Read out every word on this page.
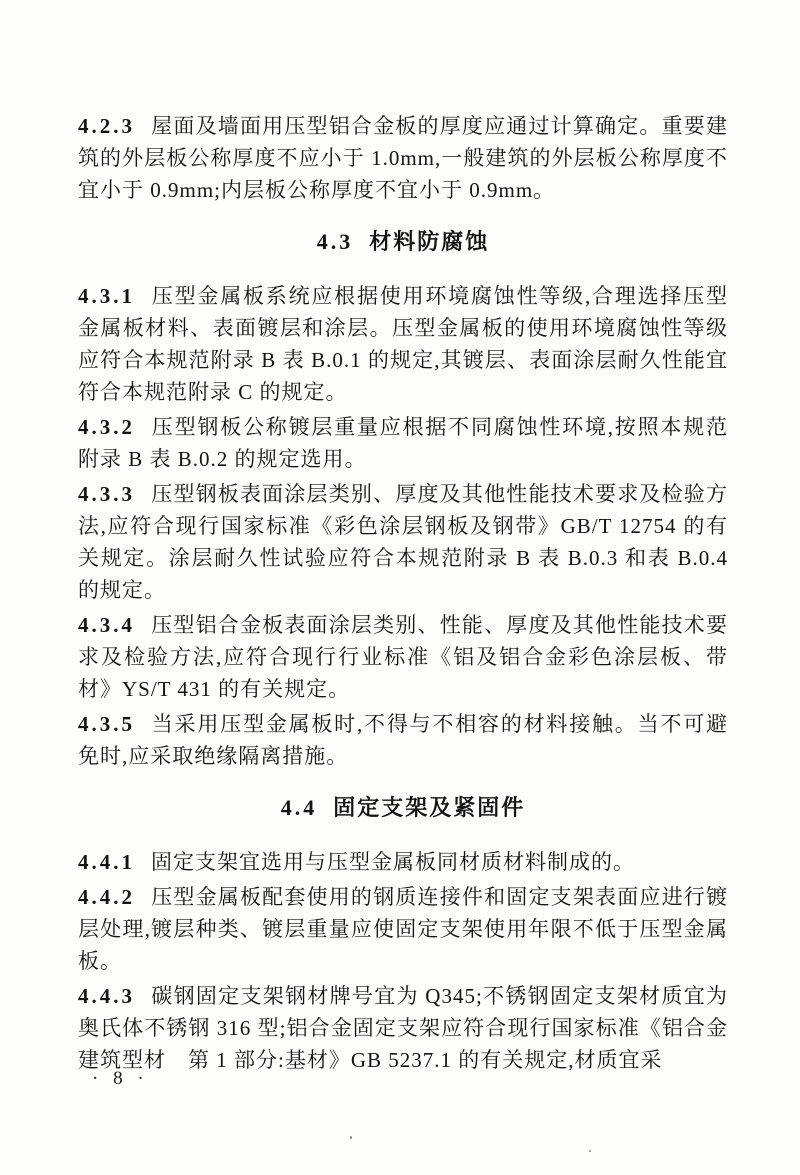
4.2.3 屋面及墙面用压型铝合金板的厚度应通过计算确定。重要建筑的外层板公称厚度不应小于 1.0mm,一般建筑的外层板公称厚度不宜小于 0.9mm;内层板公称厚度不宜小于 0.9mm。

4.3 材料防腐蚀

4.3.1 压型金属板系统应根据使用环境腐蚀性等级,合理选择压型金属板材料、表面镀层和涂层。压型金属板的使用环境腐蚀性等级应符合本规范附录 B 表 B.0.1 的规定,其镀层、表面涂层耐久性能宜符合本规范附录 C 的规定。

4.3.2 压型钢板公称镀层重量应根据不同腐蚀性环境,按照本规范附录 B 表 B.0.2 的规定选用。

4.3.3 压型钢板表面涂层类别、厚度及其他性能技术要求及检验方法,应符合现行国家标准《彩色涂层钢板及钢带》GB/T 12754 的有关规定。涂层耐久性试验应符合本规范附录 B 表 B.0.3 和表 B.0.4 的规定。

4.3.4 压型铝合金板表面涂层类别、性能、厚度及其他性能技术要求及检验方法,应符合现行行业标准《铝及铝合金彩色涂层板、带材》YS/T 431 的有关规定。

4.3.5 当采用压型金属板时,不得与不相容的材料接触。当不可避免时,应采取绝缘隔离措施。

4.4 固定支架及紧固件

4.4.1 固定支架宜选用与压型金属板同材质材料制成的。

4.4.2 压型金属板配套使用的钢质连接件和固定支架表面应进行镀层处理,镀层种类、镀层重量应使固定支架使用年限不低于压型金属板。

4.4.3 碳钢固定支架钢材牌号宜为 Q345;不锈钢固定支架材质宜为奥氏体不锈钢 316 型;铝合金固定支架应符合现行国家标准《铝合金建筑型材　第 1 部分:基材》GB 5237.1 的有关规定,材质宜采

· 8 ·
